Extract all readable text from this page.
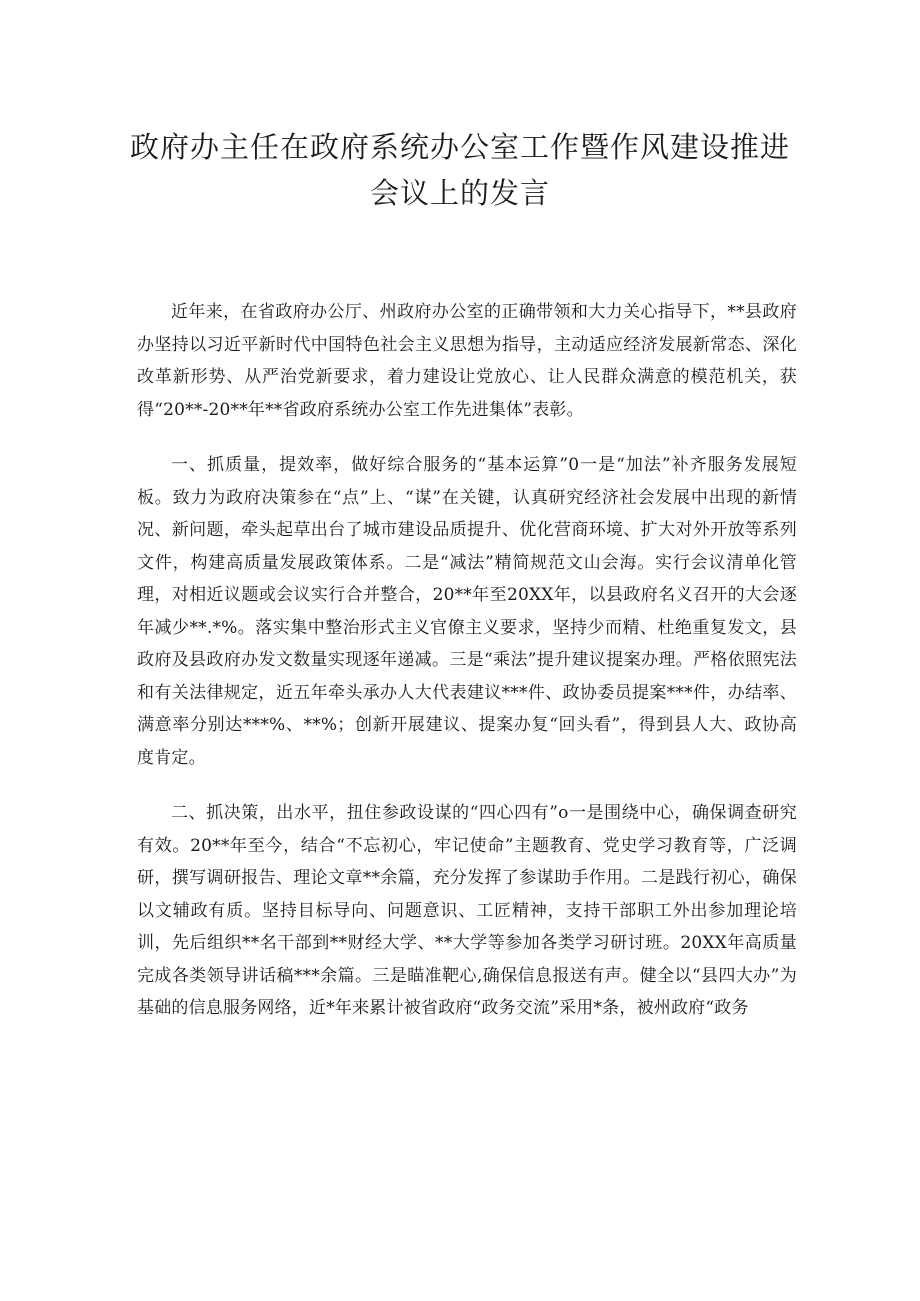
政府办主任在政府系统办公室工作暨作风建设推进会议上的发言

近年来，在省政府办公厅、州政府办公室的正确带领和大力关心指导下，**县政府办坚持以习近平新时代中国特色社会主义思想为指导，主动适应经济发展新常态、深化改革新形势、从严治党新要求，着力建设让党放心、让人民群众满意的模范机关，获得“20**-20**年**省政府系统办公室工作先进集体”表彰。

一、抓质量，提效率，做好综合服务的“基本运算”0一是“加法”补齐服务发展短板。致力为政府决策参在“点”上、“谋”在关键，认真研究经济社会发展中出现的新情况、新问题，牵头起草出台了城市建设品质提升、优化营商环境、扩大对外开放等系列文件，构建高质量发展政策体系。二是“减法”精简规范文山会海。实行会议清单化管理，对相近议题或会议实行合并整合，20**年至20XX年，以县政府名义召开的大会逐年减少**.*%。落实集中整治形式主义官僚主义要求，坚持少而精、杜绝重复发文，县政府及县政府办发文数量实现逐年递减。三是“乘法”提升建议提案办理。严格依照宪法和有关法律规定，近五年牵头承办人大代表建议***件、政协委员提案***件，办结率、满意率分别达***%、**%；创新开展建议、提案办复“回头看”，得到县人大、政协高度肯定。

二、抓决策，出水平，扭住参政设谋的“四心四有”o一是围绕中心，确保调查研究有效。20**年至今，结合“不忘初心，牢记使命”主题教育、党史学习教育等，广泛调研，撰写调研报告、理论文章**余篇，充分发挥了参谋助手作用。二是践行初心，确保以文辅政有质。坚持目标导向、问题意识、工匠精神，支持干部职工外出参加理论培训，先后组织**名干部到**财经大学、**大学等参加各类学习研讨班。20XX年高质量完成各类领导讲话稿***余篇。三是瞄准靶心,确保信息报送有声。健全以“县四大办”为基础的信息服务网络，近*年来累计被省政府“政务交流”采用*条，被州政府“政务
